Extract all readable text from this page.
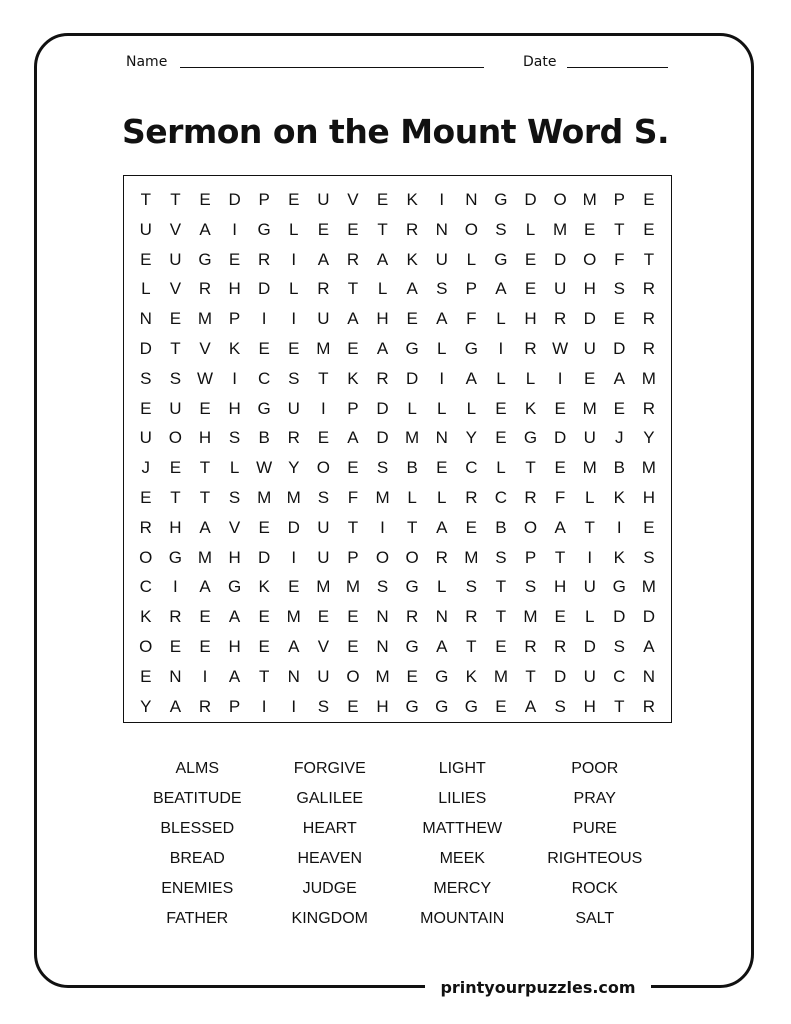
Name	Date
Sermon on the Mount Word S.
T	T	E	D	P	E	U	V	E	K	I	N G D O M P	E
U	V	A	I	G	L	E	E	T	R	N O	S	L	M E	T	E
E	U G	E	R	I	A	R	A	K	U	L	G	E	D O	F	T
L	V	R	H	D	L	R	T	L	A	S	P	A	E	U	H	S	R
N	E M P	I	I	U	A	H	E	A	F	L	H	R	D	E	R
D	T	V	K	E	E M E	A	G	L	G	I	R W U	D	R
S	S W	I	C	S	T	K	R	D	I	A	L	L	I	E	A M
E	U	E	H G U	I	P	D	L	L	L	E	K	E M E	R
U O H	S	B	R	E	A	D M N	Y	E	G D	U	J	Y
J	E	T	L W Y	O	E	S	B	E	C	L	T	E M B M
E	T	T	S M M S	F	M	L	L	R	C	R	F	L	K	H
R	H	A	V	E	D	U	T	I	T	A	E	B	O	A	T	I	E
O G M H	D	I	U	P	O O R M S	P	T	I	K	S
C	I	A	G	K	E M M S	G	L	S	T	S	H	U G M
K	R	E	A	E M E	E	N	R	N	R	T	M E	L	D	D
O	E	E	H	E	A	V	E	N G	A	T	E	R	R	D	S	A
E	N	I	A	T	N	U O M E	G	K M	T	D	U	C	N
Y	A	R	P	I	I	S	E	H G G G	E	A	S	H	T	R
ALMS	FORGIVE	LIGHT	POOR
BEATITUDE	GALILEE	LILIES	PRAY
BLESSED	HEART	MATTHEW	PURE
BREAD	HEAVEN	MEEK	RIGHTEOUS
ENEMIES	JUDGE	MERCY	ROCK
FATHER	KINGDOM	MOUNTAIN	SALT
printyourpuzzles.com
